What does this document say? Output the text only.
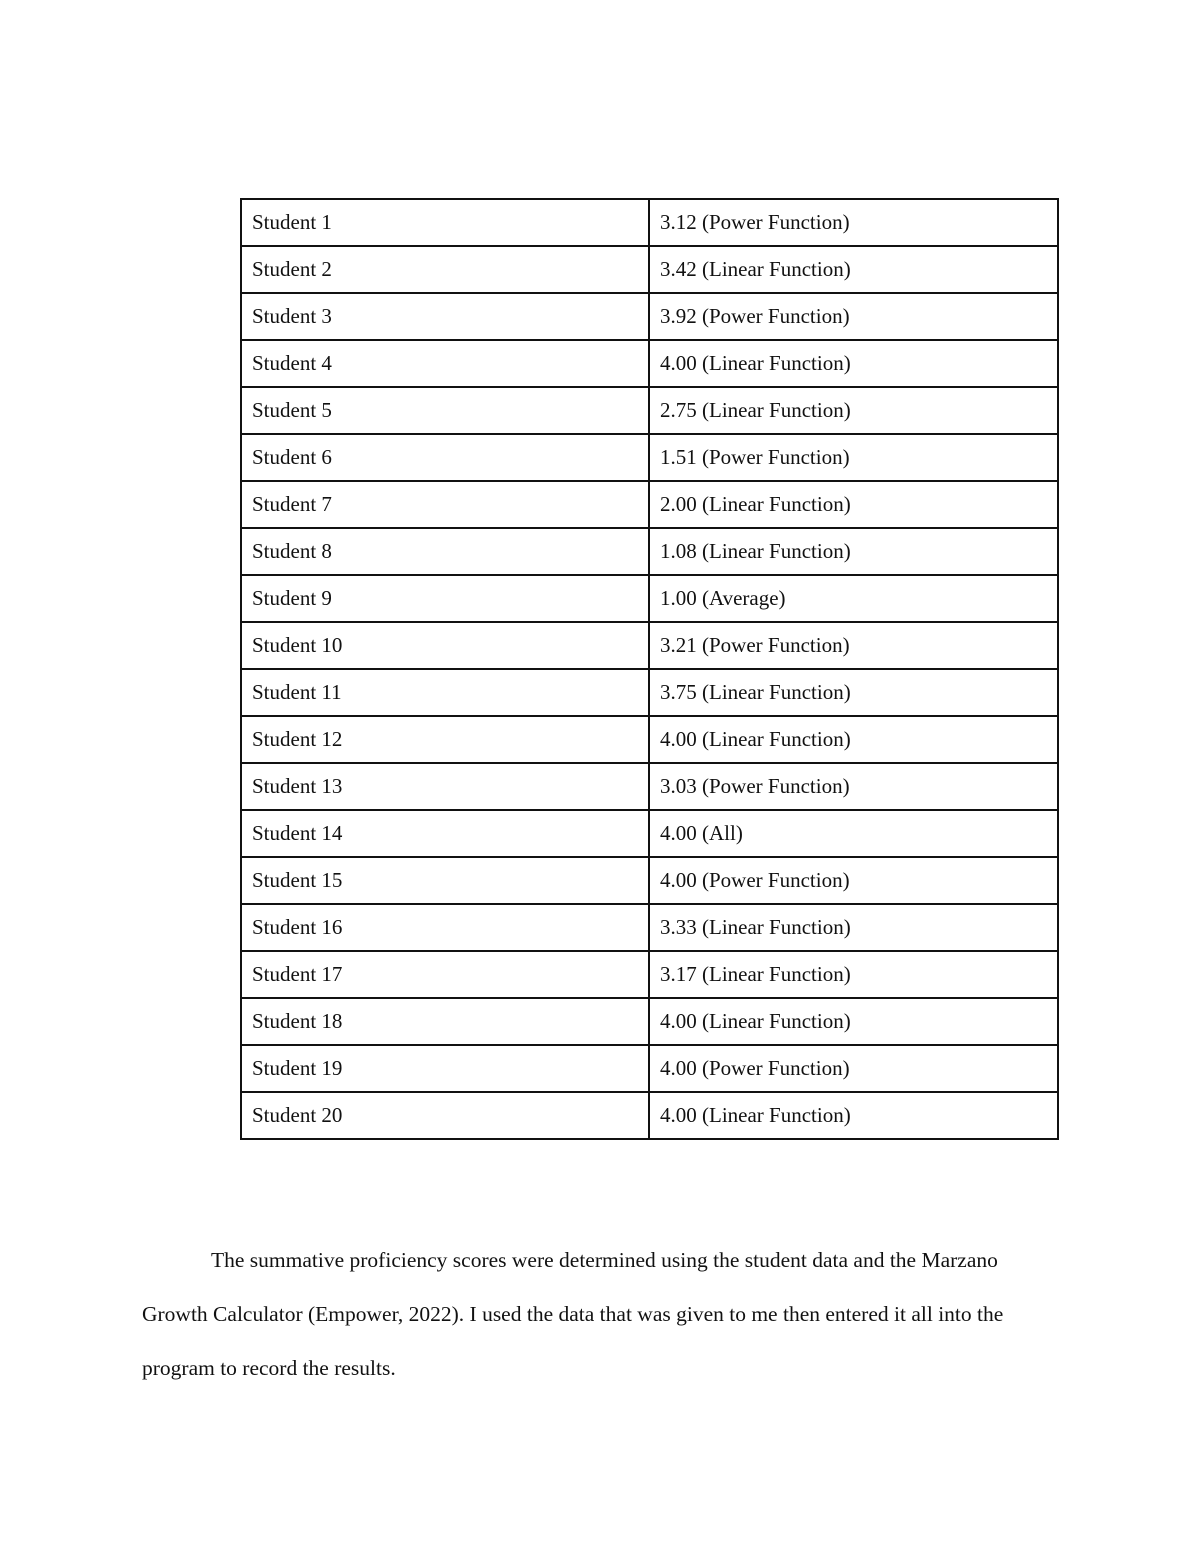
Student 1	3.12 (Power Function)
Student 2	3.42 (Linear Function)
Student 3	3.92 (Power Function)
Student 4	4.00 (Linear Function)
Student 5	2.75 (Linear Function)
Student 6	1.51 (Power Function)
Student 7	2.00 (Linear Function)
Student 8	1.08 (Linear Function)
Student 9	1.00 (Average)
Student 10	3.21 (Power Function)
Student 11	3.75 (Linear Function)
Student 12	4.00 (Linear Function)
Student 13	3.03 (Power Function)
Student 14	4.00 (All)
Student 15	4.00 (Power Function)
Student 16	3.33 (Linear Function)
Student 17	3.17 (Linear Function)
Student 18	4.00 (Linear Function)
Student 19	4.00 (Power Function)
Student 20	4.00 (Linear Function)

The summative proficiency scores were determined using the student data and the Marzano Growth Calculator (Empower, 2022). I used the data that was given to me then entered it all into the program to record the results.
